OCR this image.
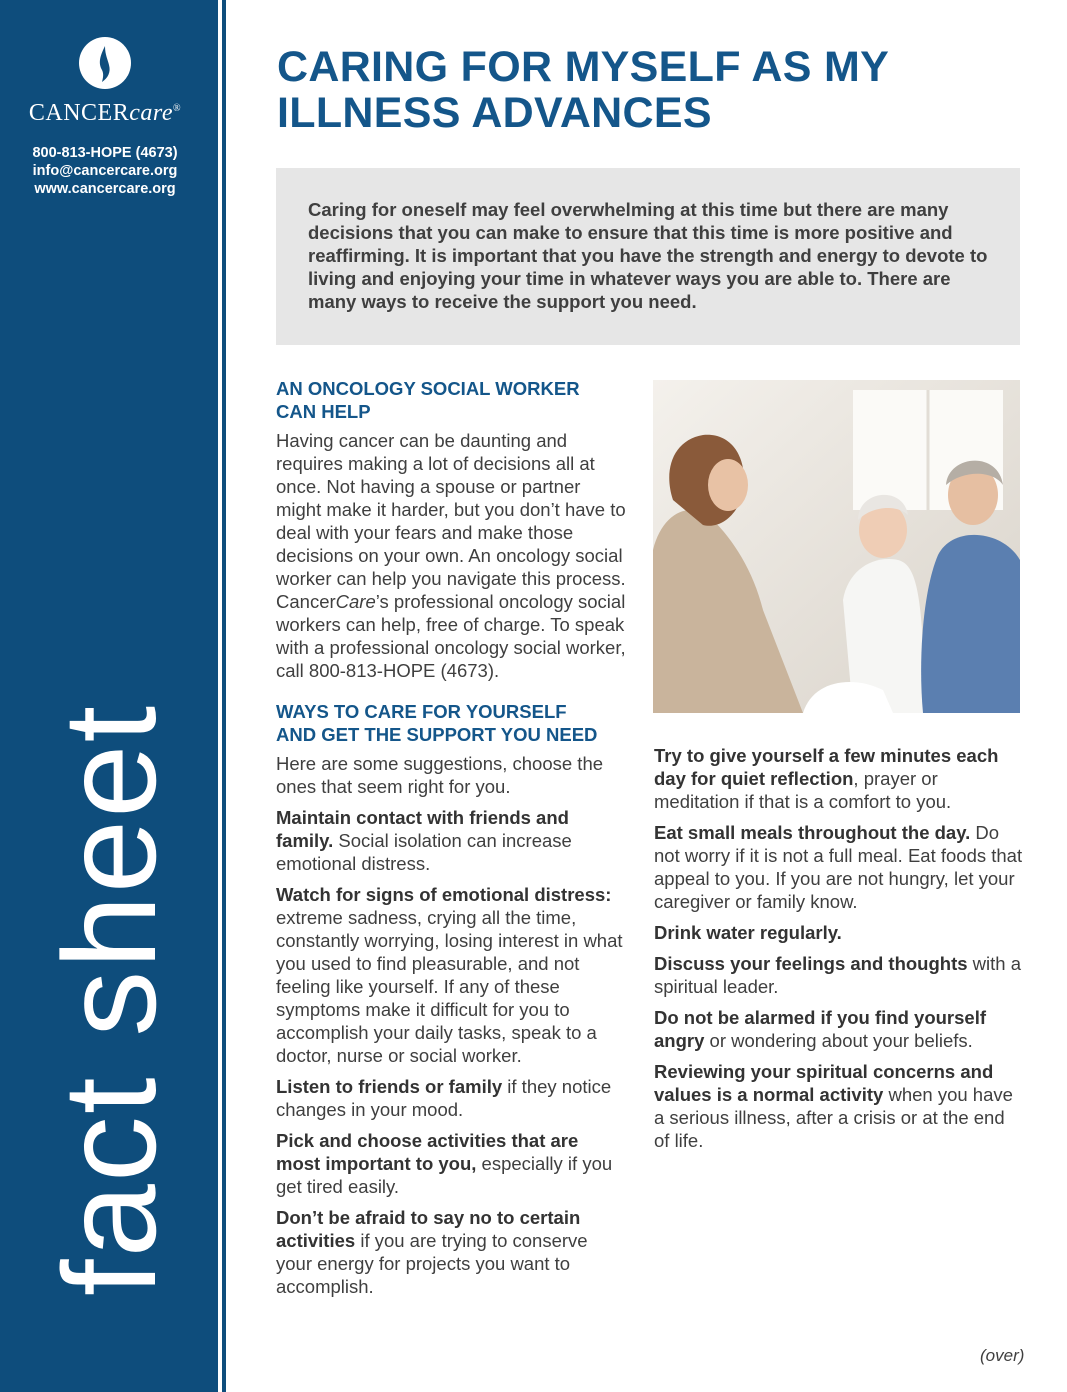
CANCERcare®
800-813-HOPE (4673)
info@cancercare.org
www.cancercare.org
fact sheet
CARING FOR MYSELF AS MY
ILLNESS ADVANCES

Caring for oneself may feel overwhelming at this time but there are many decisions that you can make to ensure that this time is more positive and reaffirming. It is important that you have the strength and energy to devote to living and enjoying your time in whatever ways you are able to. There are many ways to receive the support you need.

AN ONCOLOGY SOCIAL WORKER
CAN HELP

Having cancer can be daunting and requires making a lot of decisions all at once. Not having a spouse or partner might make it harder, but you don’t have to deal with your fears and make those decisions on your own. An oncology social worker can help you navigate this process. CancerCare’s professional oncology social workers can help, free of charge. To speak with a professional oncology social worker, call 800-813-HOPE (4673).

WAYS TO CARE FOR YOURSELF
AND GET THE SUPPORT YOU NEED

Here are some suggestions, choose the ones that seem right for you.

Maintain contact with friends and family. Social isolation can increase emotional distress.

Watch for signs of emotional distress: extreme sadness, crying all the time, constantly worrying, losing interest in what you used to find pleasurable, and not feeling like yourself. If any of these symptoms make it difficult for you to accomplish your daily tasks, speak to a doctor, nurse or social worker.

Listen to friends or family if they notice changes in your mood.

Pick and choose activities that are most important to you, especially if you get tired easily.

Don’t be afraid to say no to certain activities if you are trying to conserve your energy for projects you want to accomplish.

Try to give yourself a few minutes each day for quiet reflection, prayer or meditation if that is a comfort to you.

Eat small meals throughout the day. Do not worry if it is not a full meal. Eat foods that appeal to you. If you are not hungry, let your caregiver or family know.

Drink water regularly.

Discuss your feelings and thoughts with a spiritual leader.

Do not be alarmed if you find yourself angry or wondering about your beliefs.

Reviewing your spiritual concerns and values is a normal activity when you have a serious illness, after a crisis or at the end of life.

(over)
